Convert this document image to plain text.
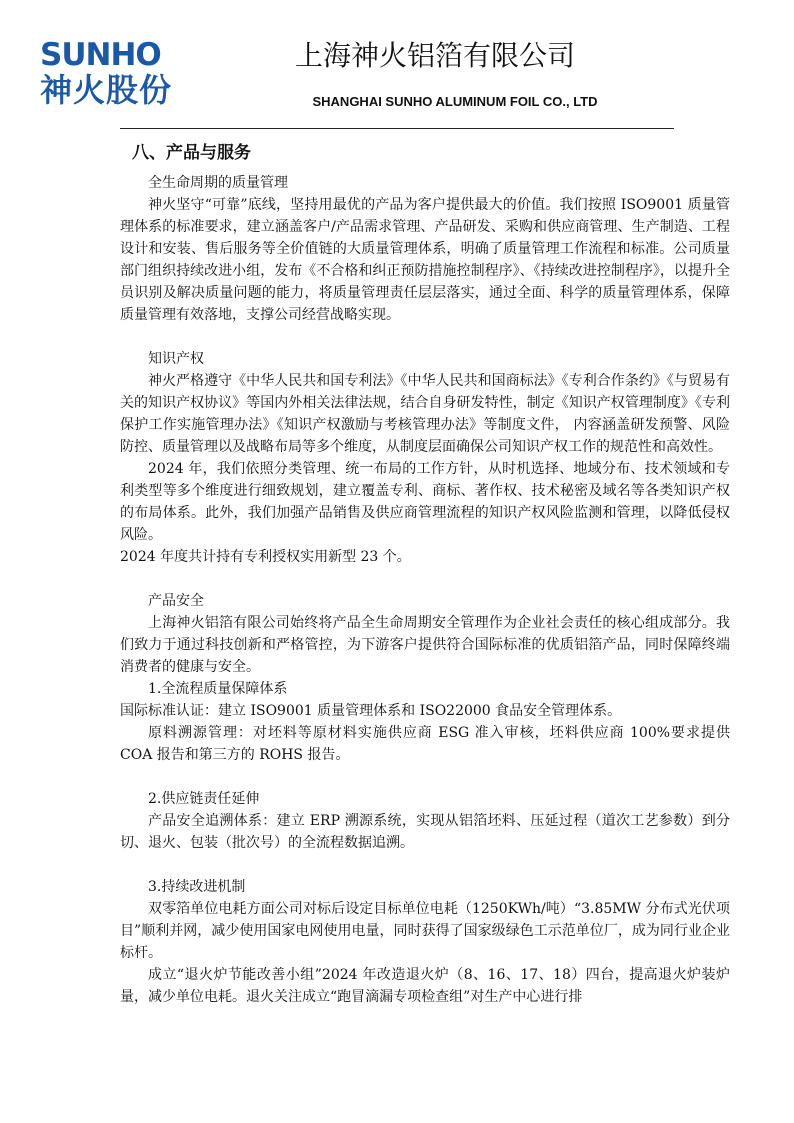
SUNHO
神火股份
上海神火铝箔有限公司
SHANGHAI SUNHO ALUMINUM FOIL CO., LTD
八、产品与服务

全生命周期的质量管理

神火坚守“可靠”底线，坚持用最优的产品为客户提供最大的价值。我们按照 ISO9001 质量管理体系的标准要求，建立涵盖客户/产品需求管理、产品研发、采购和供应商管理、生产制造、工程设计和安装、售后服务等全价值链的大质量管理体系，明确了质量管理工作流程和标准。公司质量部门组织持续改进小组，发布《不合格和纠正预防措施控制程序》、《持续改进控制程序》，以提升全员识别及解决质量问题的能力，将质量管理责任层层落实，通过全面、科学的质量管理体系，保障质量管理有效落地，支撑公司经营战略实现。

知识产权

神火严格遵守《中华人民共和国专利法》《中华人民共和国商标法》《专利合作条约》《与贸易有关的知识产权协议》等国内外相关法律法规，结合自身研发特性，制定《知识产权管理制度》《专利保护工作实施管理办法》《知识产权激励与考核管理办法》等制度文件， 内容涵盖研发预警、风险防控、质量管理以及战略布局等多个维度，从制度层面确保公司知识产权工作的规范性和高效性。

2024 年，我们依照分类管理、统一布局的工作方针，从时机选择、地域分布、技术领域和专利类型等多个维度进行细致规划，建立覆盖专利、商标、著作权、技术秘密及域名等各类知识产权的布局体系。此外，我们加强产品销售及供应商管理流程的知识产权风险监测和管理，以降低侵权风险。

2024 年度共计持有专利授权实用新型 23 个。

产品安全

上海神火铝箔有限公司始终将产品全生命周期安全管理作为企业社会责任的核心组成部分。我们致力于通过科技创新和严格管控，为下游客户提供符合国际标准的优质铝箔产品，同时保障终端消费者的健康与安全。

1.全流程质量保障体系

国际标准认证：建立 ISO9001 质量管理体系和 ISO22000 食品安全管理体系。

原料溯源管理：对坯料等原材料实施供应商 ESG 准入审核，坯料供应商 100%要求提供 COA 报告和第三方的 ROHS 报告。

2.供应链责任延伸

产品安全追溯体系：建立 ERP 溯源系统，实现从铝箔坯料、压延过程（道次工艺参数）到分切、退火、包装（批次号）的全流程数据追溯。

3.持续改进机制

双零箔单位电耗方面公司对标后设定目标单位电耗（1250KWh/吨）“3.85MW 分布式光伏项目”顺利并网，减少使用国家电网使用电量，同时获得了国家级绿色工示范单位厂，成为同行业企业标杆。

成立“退火炉节能改善小组”2024 年改造退火炉（8、16、17、18）四台，提高退火炉装炉量，减少单位电耗。退火关注成立“跑冒滴漏专项检查组”对生产中心进行排
